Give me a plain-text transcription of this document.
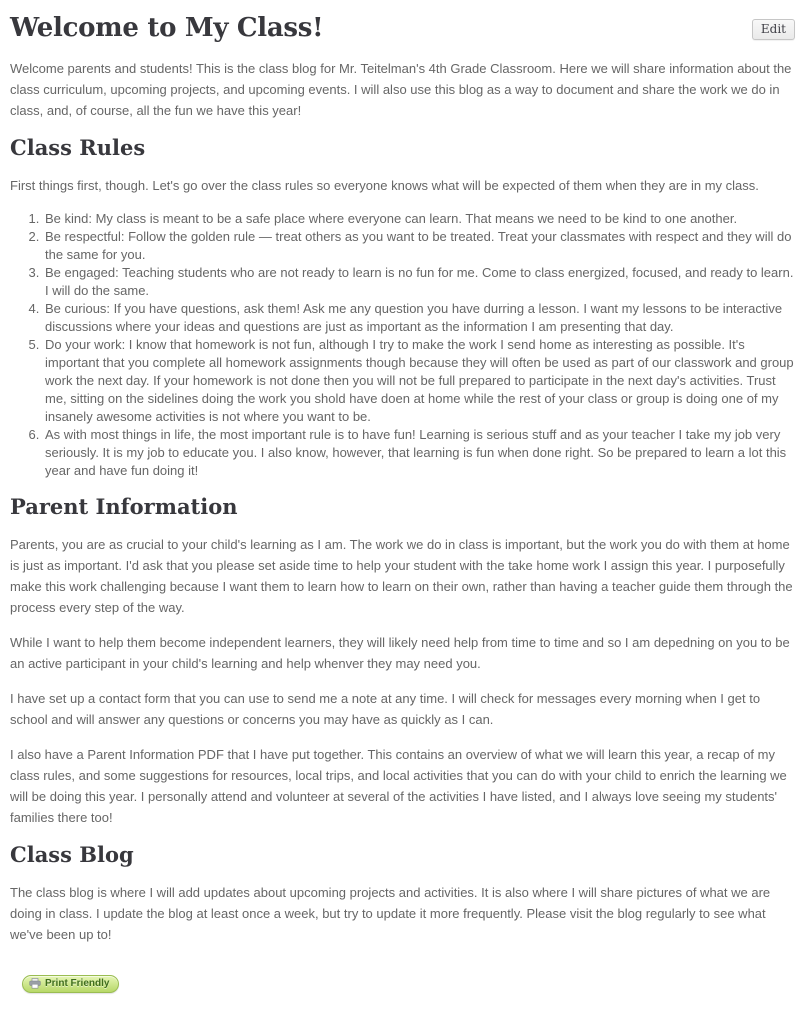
Welcome to My Class!	Edit

Welcome parents and students! This is the class blog for Mr. Teitelman's 4th Grade Classroom. Here we will share information about the class curriculum, upcoming projects, and upcoming events. I will also use this blog as a way to document and share the work we do in class, and, of course, all the fun we have this year!

Class Rules

First things first, though. Let's go over the class rules so everyone knows what will be expected of them when they are in my class.

1. Be kind: My class is meant to be a safe place where everyone can learn. That means we need to be kind to one another.
2. Be respectful: Follow the golden rule — treat others as you want to be treated. Treat your classmates with respect and they will do the same for you.
3. Be engaged: Teaching students who are not ready to learn is no fun for me. Come to class energized, focused, and ready to learn. I will do the same.
4. Be curious: If you have questions, ask them! Ask me any question you have durring a lesson. I want my lessons to be interactive discussions where your ideas and questions are just as important as the information I am presenting that day.
5. Do your work: I know that homework is not fun, although I try to make the work I send home as interesting as possible. It's important that you complete all homework assignments though because they will often be used as part of our classwork and group work the next day. If your homework is not done then you will not be full prepared to participate in the next day's activities. Trust me, sitting on the sidelines doing the work you shold have doen at home while the rest of your class or group is doing one of my insanely awesome activities is not where you want to be.
6. As with most things in life, the most important rule is to have fun! Learning is serious stuff and as your teacher I take my job very seriously. It is my job to educate you. I also know, however, that learning is fun when done right. So be prepared to learn a lot this year and have fun doing it!
Parent Information

Parents, you are as crucial to your child's learning as I am. The work we do in class is important, but the work you do with them at home is just as important. I'd ask that you please set aside time to help your student with the take home work I assign this year. I purposefully make this work challenging because I want them to learn how to learn on their own, rather than having a teacher guide them through the process every step of the way.

While I want to help them become independent learners, they will likely need help from time to time and so I am depedning on you to be an active participant in your child's learning and help whenver they may need you.

I have set up a contact form that you can use to send me a note at any time. I will check for messages every morning when I get to school and will answer any questions or concerns you may have as quickly as I can.

I also have a Parent Information PDF that I have put together. This contains an overview of what we will learn this year, a recap of my class rules, and some suggestions for resources, local trips, and local activities that you can do with your child to enrich the learning we will be doing this year. I personally attend and volunteer at several of the activities I have listed, and I always love seeing my students' families there too!

Class Blog

The class blog is where I will add updates about upcoming projects and activities. It is also where I will share pictures of what we are doing in class. I update the blog at least once a week, but try to update it more frequently. Please visit the blog regularly to see what we've been up to!

Print Friendly
